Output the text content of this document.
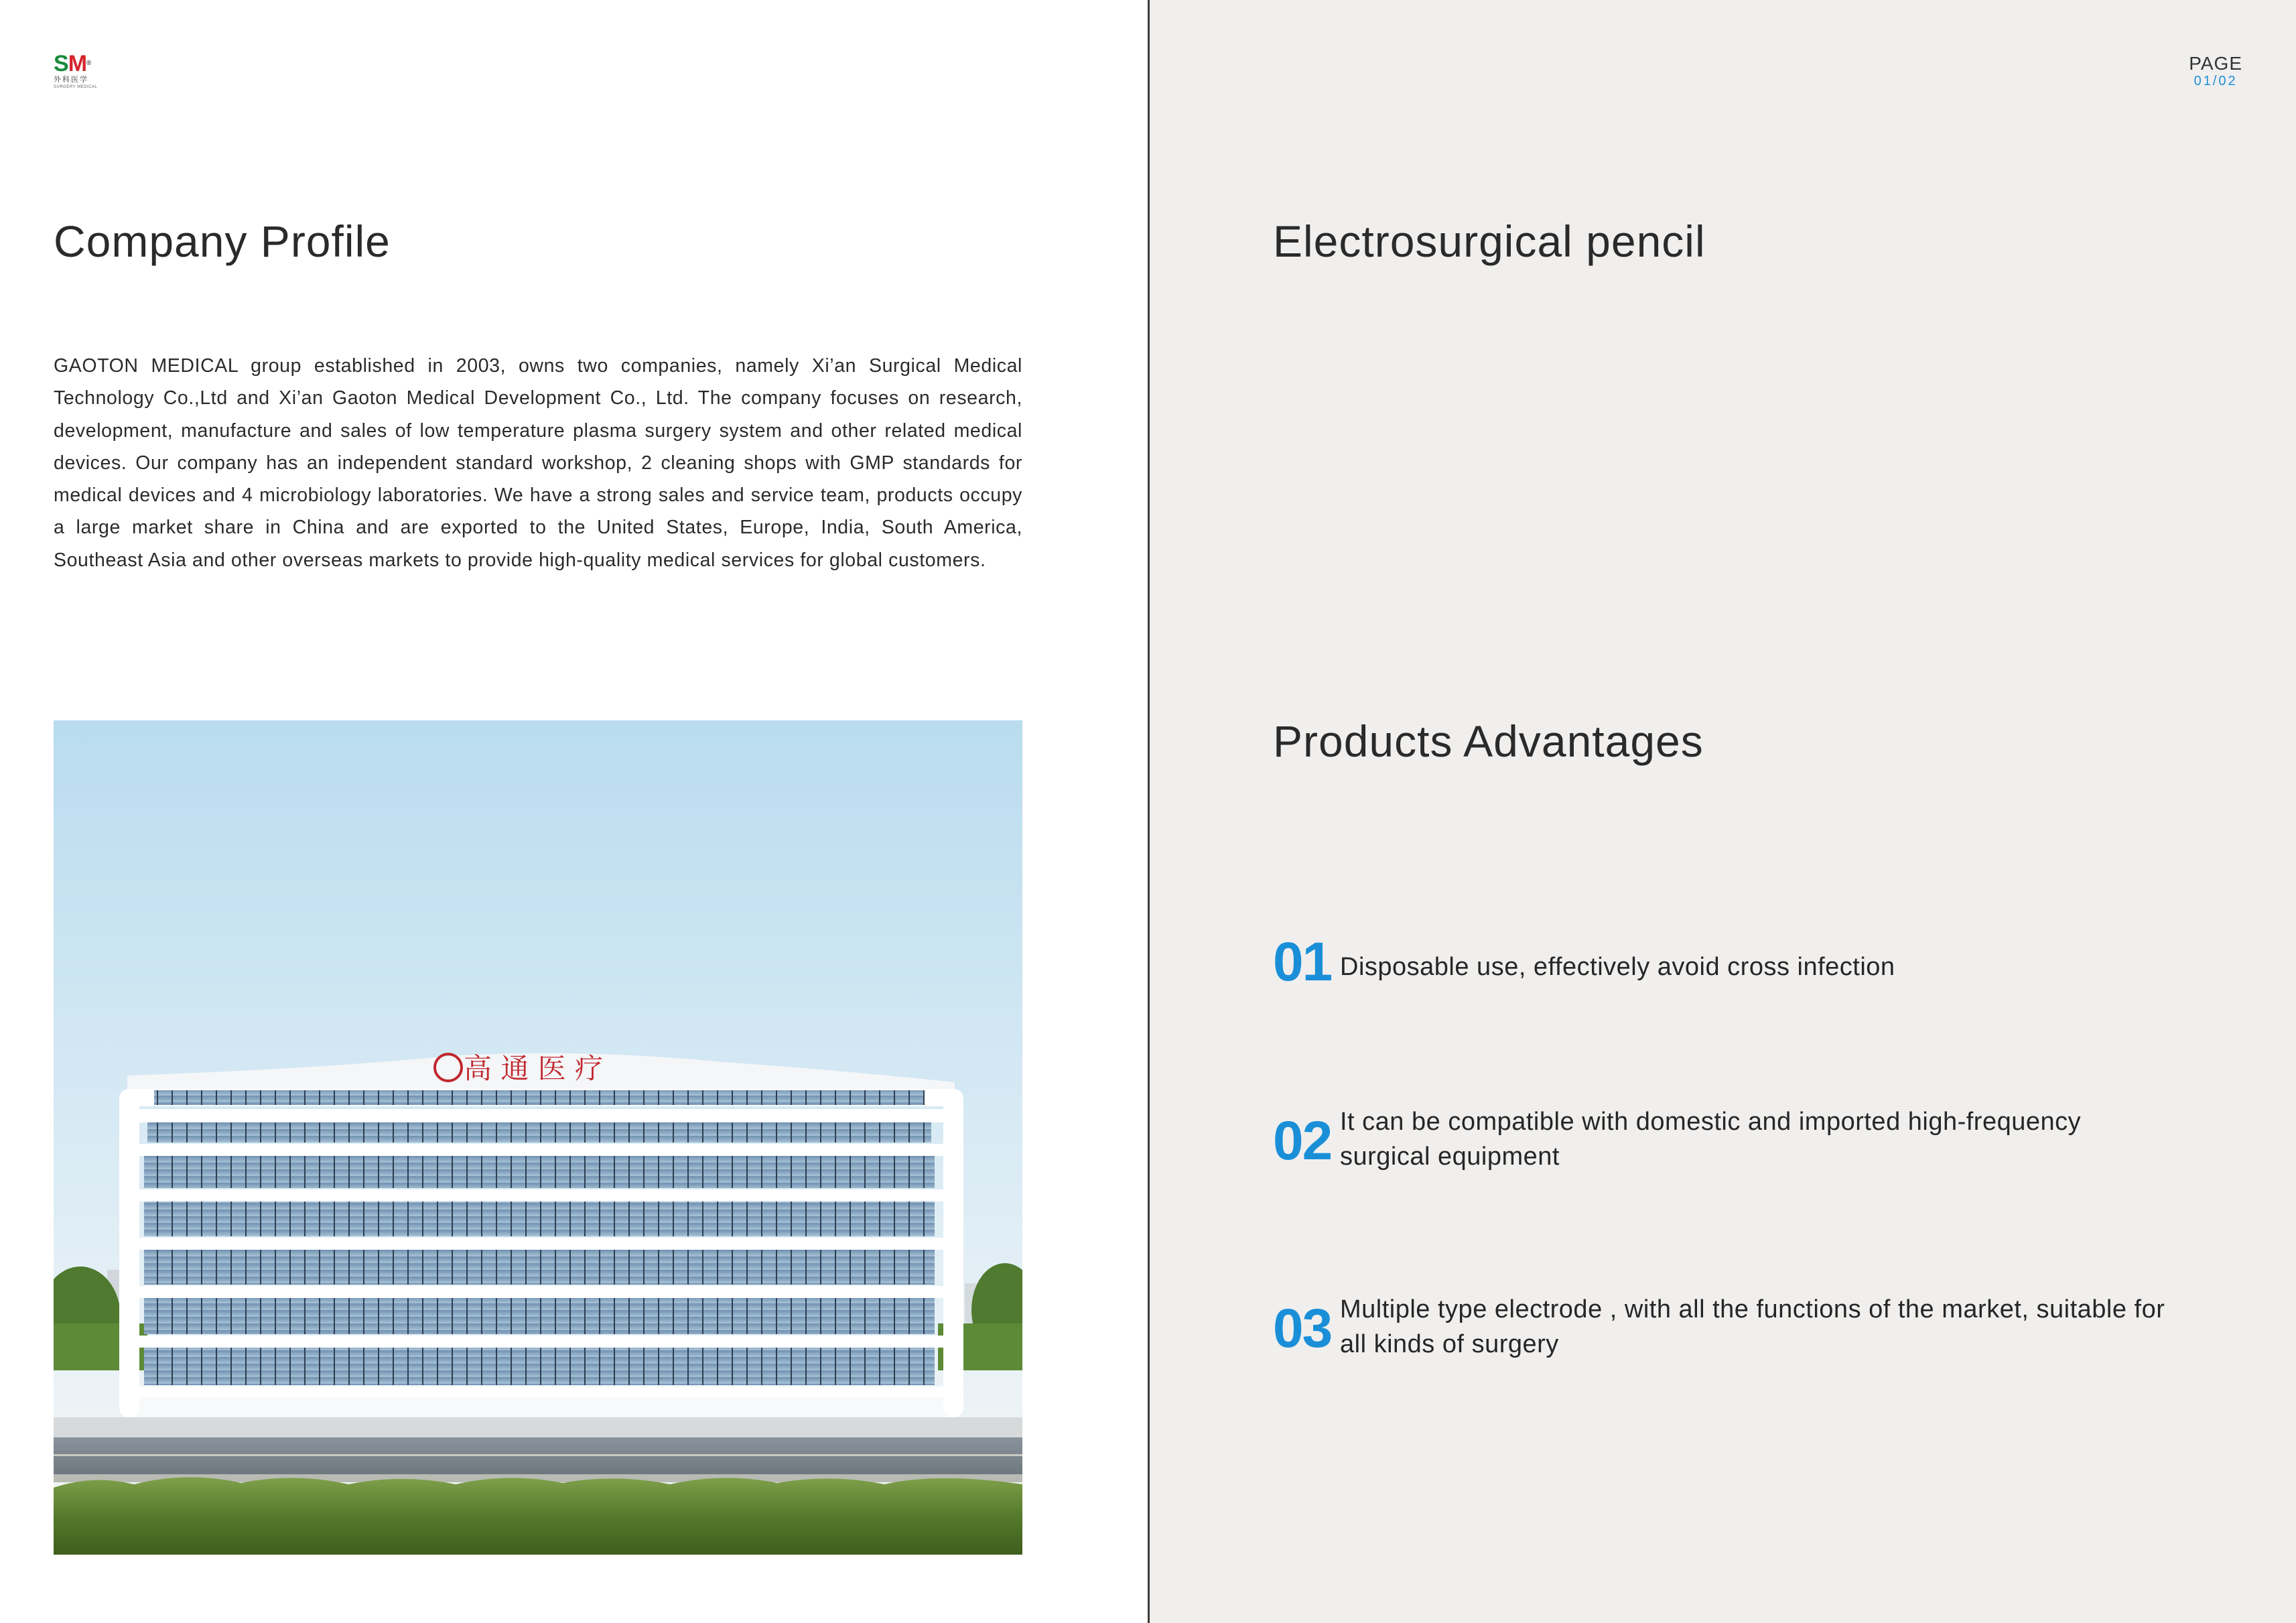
SM®
外科医学
SURGERY MEDICAL
Company Profile

GAOTON MEDICAL group established in 2003, owns two companies, namely Xi’an Surgical Medical Technology Co.,Ltd and Xi’an Gaoton Medical Development Co., Ltd. The company focuses on research, development, manufacture and sales of low temperature plasma surgery system and other related medical devices. Our company has an independent standard workshop, 2 cleaning shops with GMP standards for medical devices and 4 microbiology laboratories. We have a strong sales and service team, products occupy a large market share in China and are exported to the United States, Europe, India, South America, Southeast Asia and other overseas markets to provide high-quality medical services for global customers.

高 通 医 疗
PAGE
01/02
Electrosurgical pencil
Products Advantages
01 Disposable use, effectively avoid cross infection
02 It can be compatible with domestic and imported high-frequency surgical equipment
03 Multiple type electrode , with all the functions of the market, suitable for all kinds of surgery
